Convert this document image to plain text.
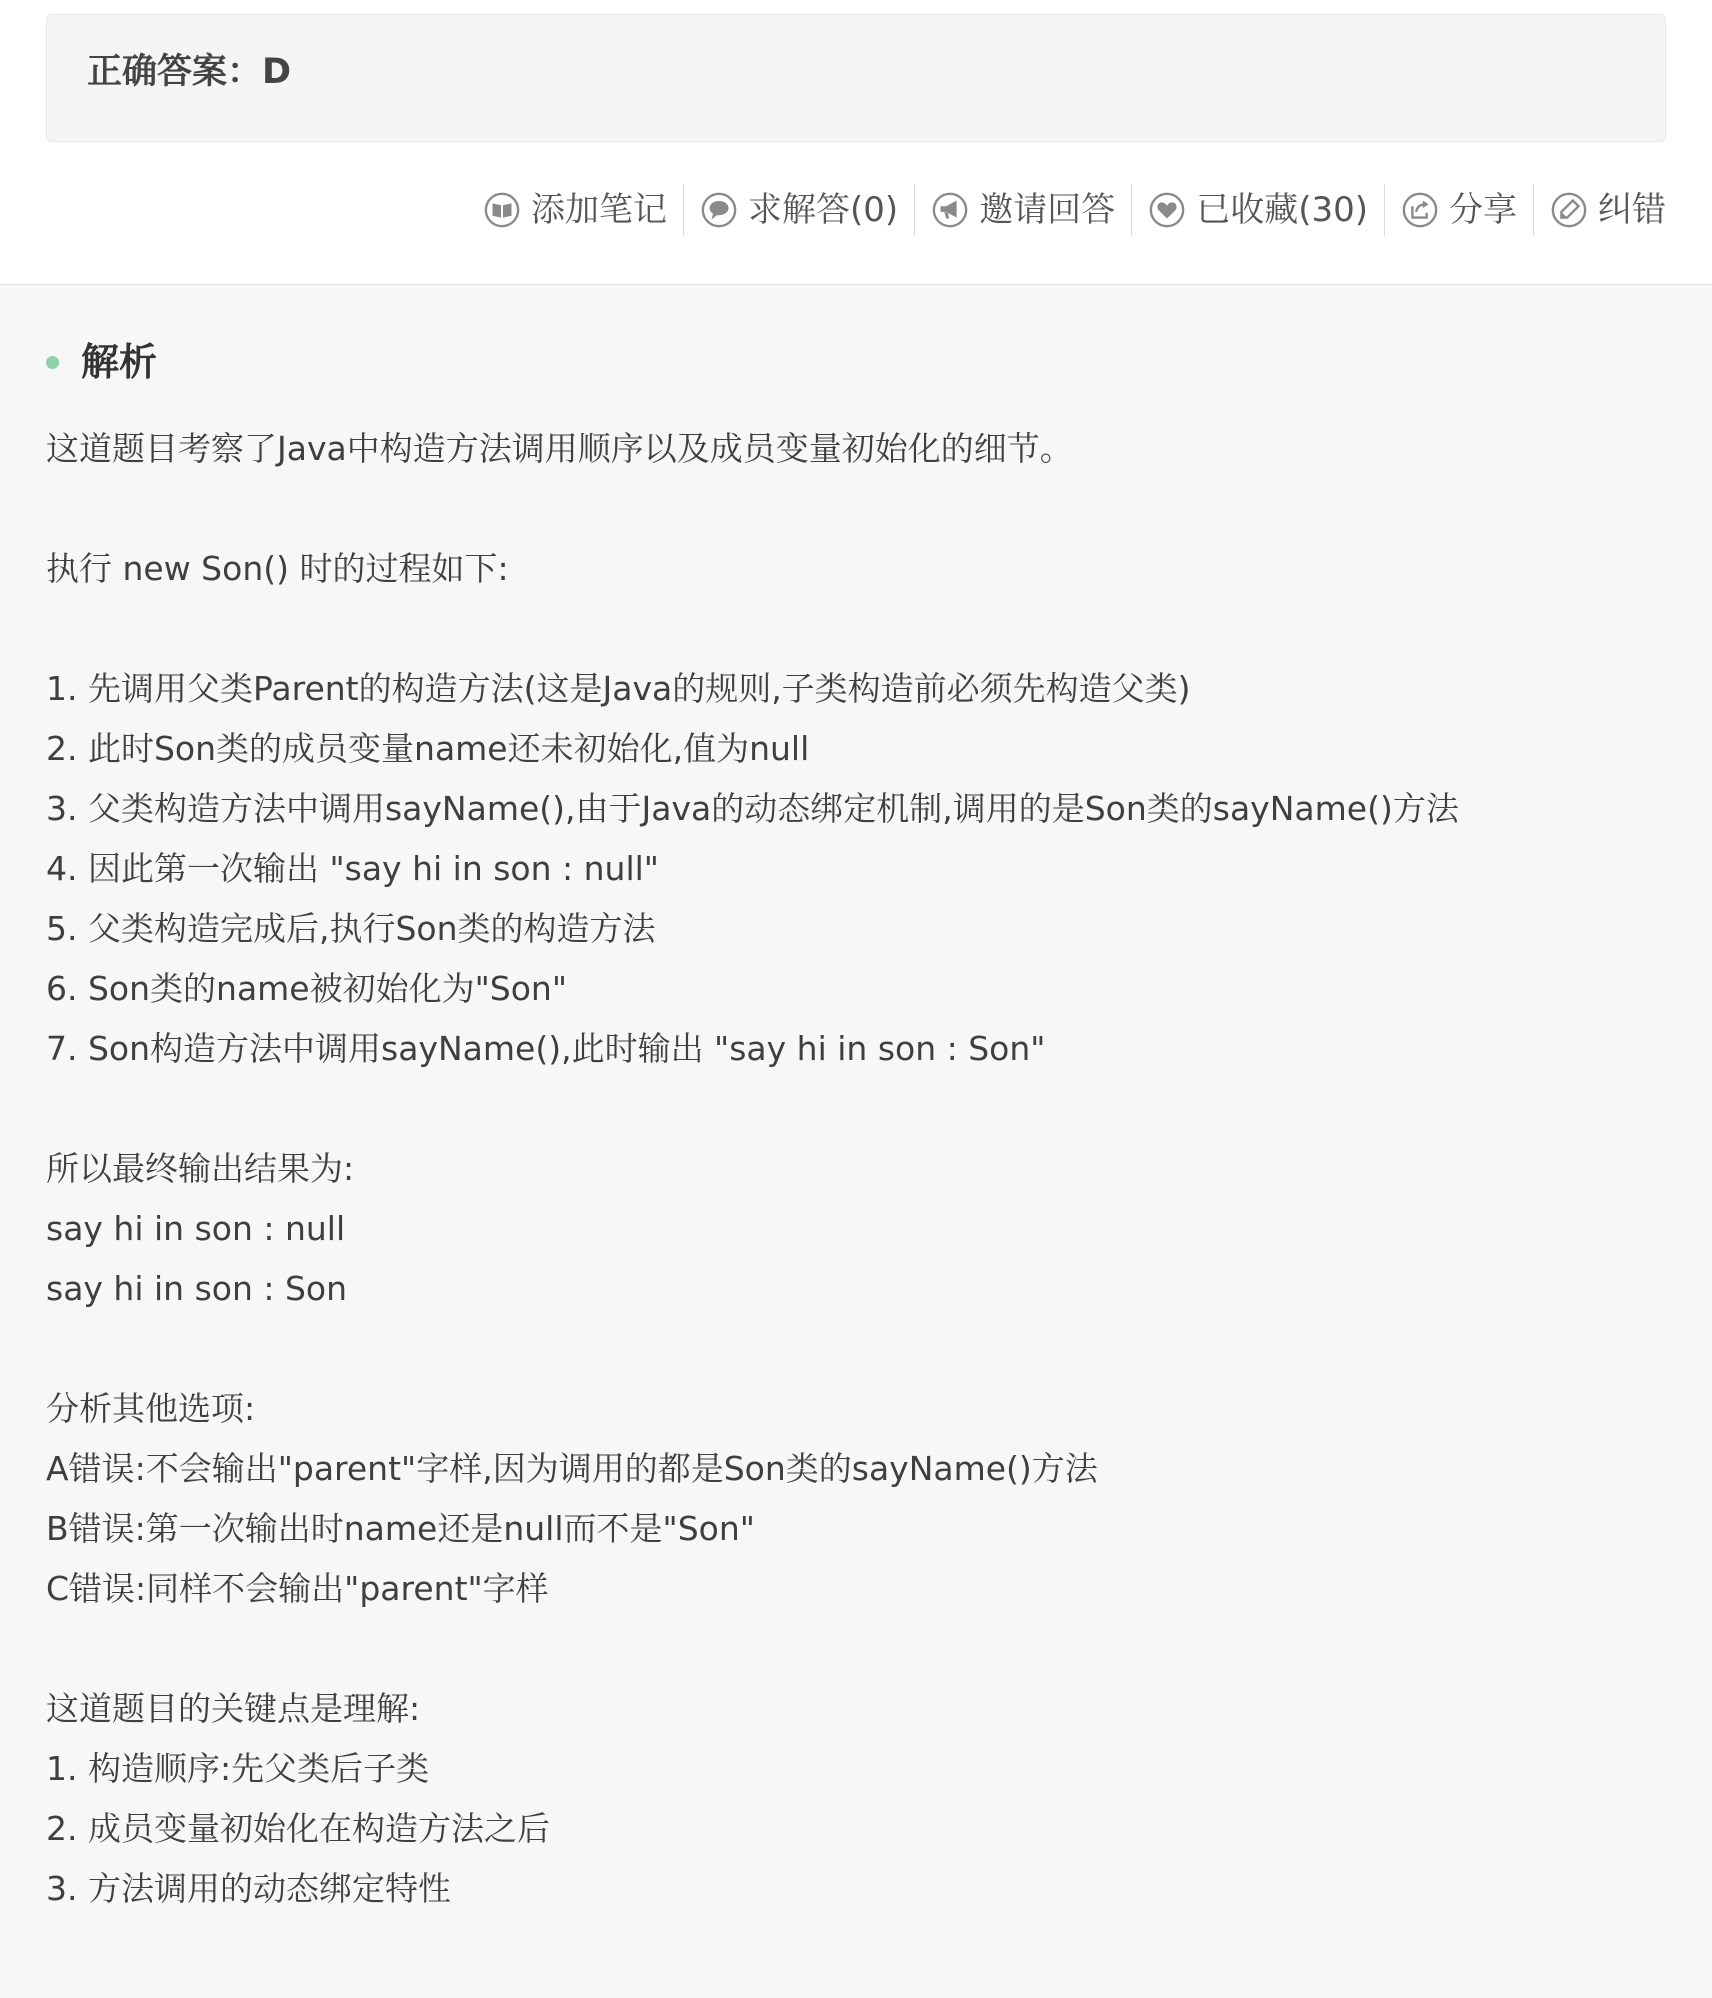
正确答案：D
添加笔记 求解答(0) 邀请回答 已收藏(30) 分享 纠错
解析
这道题目考察了Java中构造方法调用顺序以及成员变量初始化的细节。
执行 new Son() 时的过程如下:
1. 先调用父类Parent的构造方法(这是Java的规则,子类构造前必须先构造父类)
2. 此时Son类的成员变量name还未初始化,值为null
3. 父类构造方法中调用sayName(),由于Java的动态绑定机制,调用的是Son类的sayName()方法
4. 因此第一次输出 "say hi in son : null"
5. 父类构造完成后,执行Son类的构造方法
6. Son类的name被初始化为"Son"
7. Son构造方法中调用sayName(),此时输出 "say hi in son : Son"
所以最终输出结果为:
say hi in son : null
say hi in son : Son
分析其他选项:
A错误:不会输出"parent"字样,因为调用的都是Son类的sayName()方法
B错误:第一次输出时name还是null而不是"Son"
C错误:同样不会输出"parent"字样
这道题目的关键点是理解:
1. 构造顺序:先父类后子类
2. 成员变量初始化在构造方法之后
3. 方法调用的动态绑定特性
